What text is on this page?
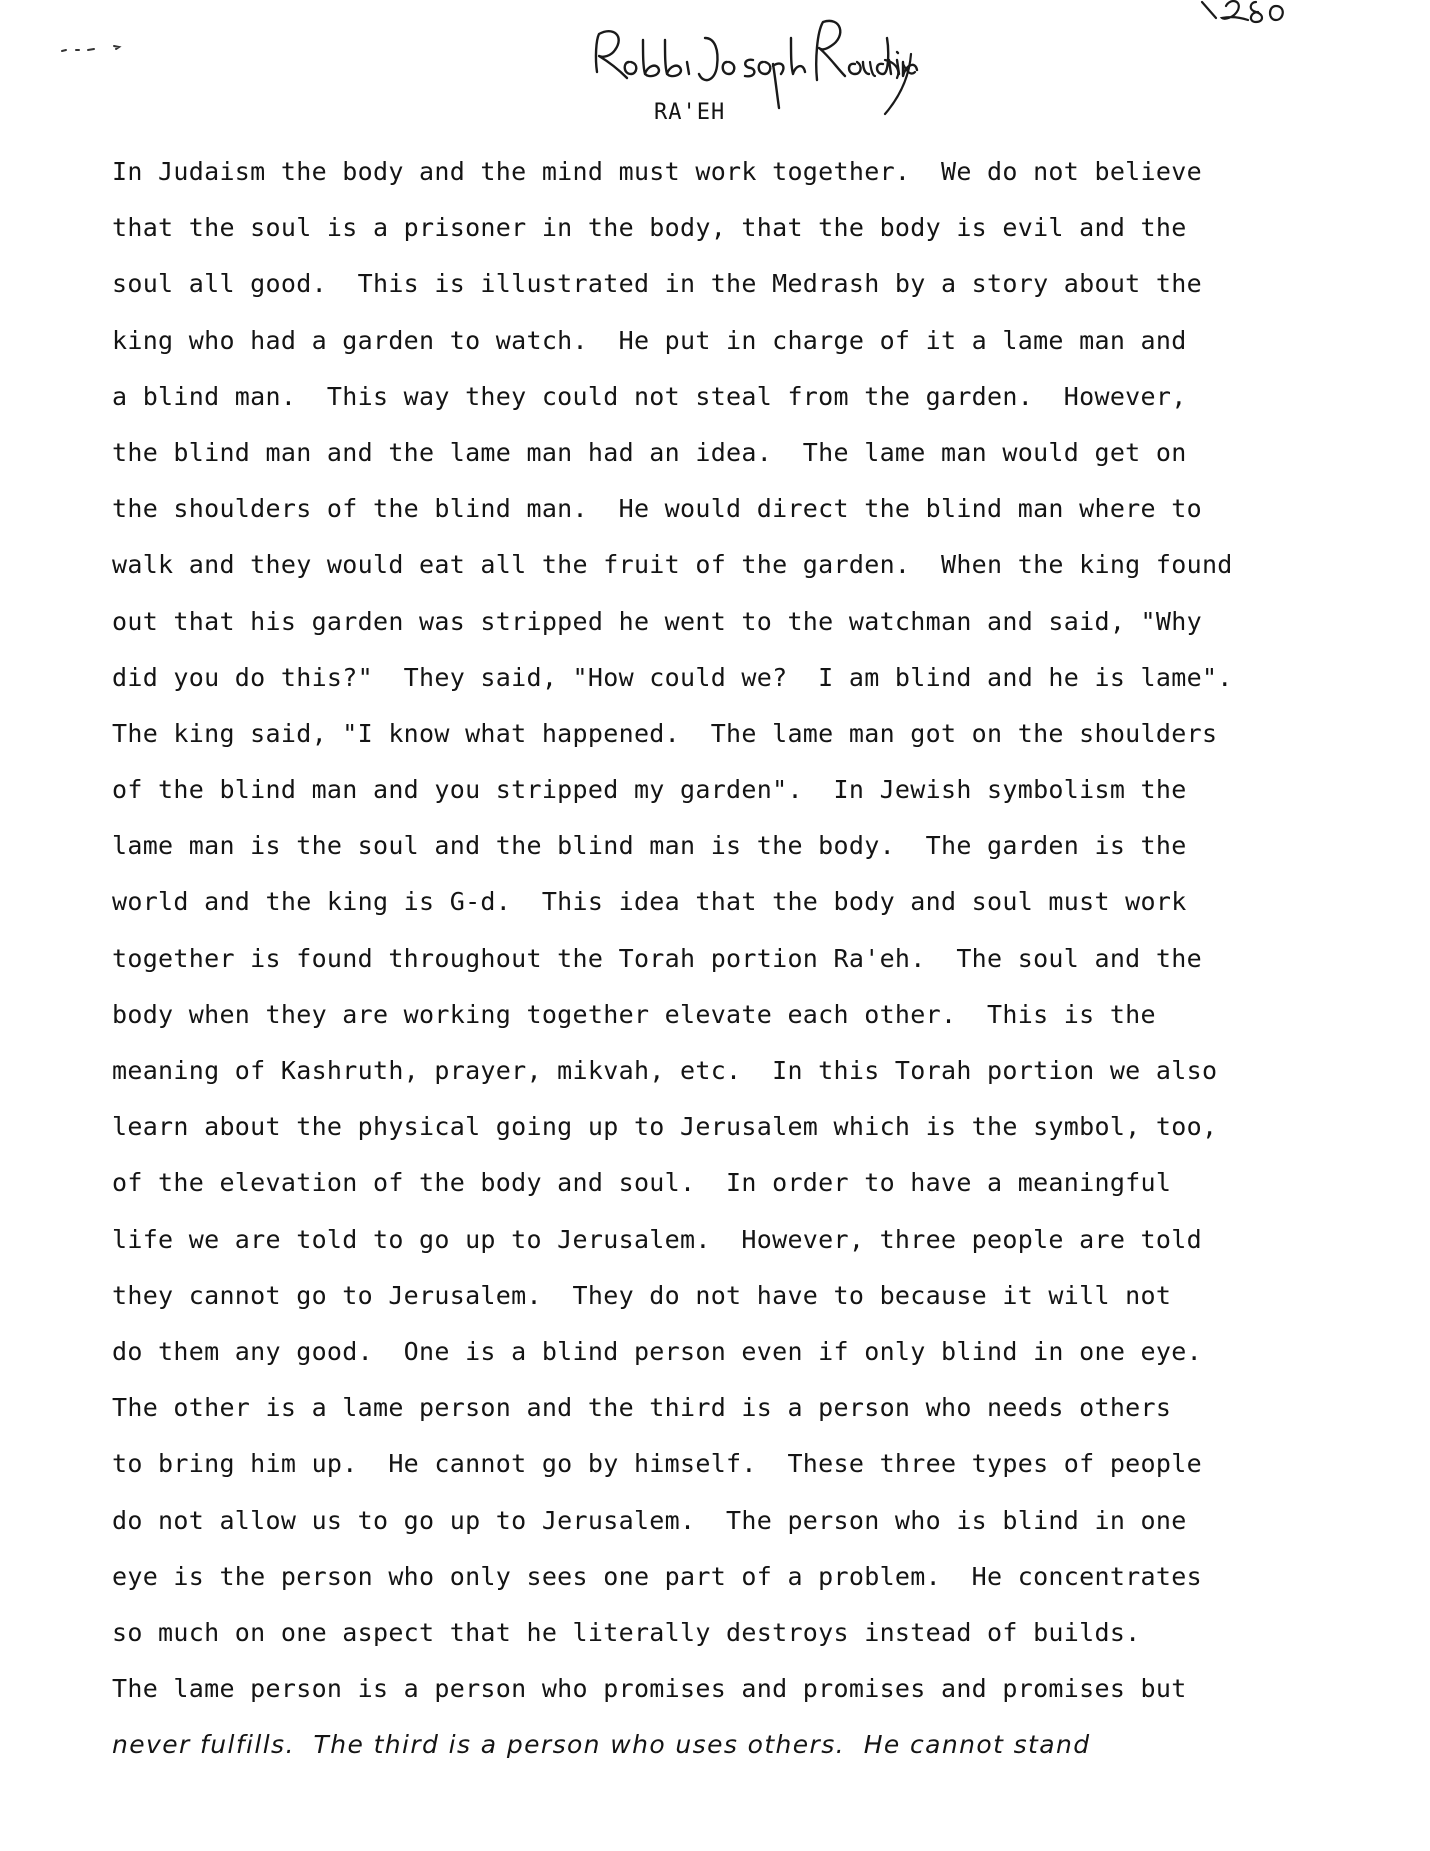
RA'EH

In Judaism the body and the mind must work together.  We do not believe

that the soul is a prisoner in the body, that the body is evil and the

soul all good.  This is illustrated in the Medrash by a story about the

king who had a garden to watch.  He put in charge of it a lame man and

a blind man.  This way they could not steal from the garden.  However,

the blind man and the lame man had an idea.  The lame man would get on

the shoulders of the blind man.  He would direct the blind man where to

walk and they would eat all the fruit of the garden.  When the king found

out that his garden was stripped he went to the watchman and said, "Why

did you do this?"  They said, "How could we?  I am blind and he is lame".

The king said, "I know what happened.  The lame man got on the shoulders

of the blind man and you stripped my garden".  In Jewish symbolism the

lame man is the soul and the blind man is the body.  The garden is the

world and the king is G-d.  This idea that the body and soul must work

together is found throughout the Torah portion Ra'eh.  The soul and the

body when they are working together elevate each other.  This is the

meaning of Kashruth, prayer, mikvah, etc.  In this Torah portion we also

learn about the physical going up to Jerusalem which is the symbol, too,

of the elevation of the body and soul.  In order to have a meaningful

life we are told to go up to Jerusalem.  However, three people are told

they cannot go to Jerusalem.  They do not have to because it will not

do them any good.  One is a blind person even if only blind in one eye.

The other is a lame person and the third is a person who needs others

to bring him up.  He cannot go by himself.  These three types of people

do not allow us to go up to Jerusalem.  The person who is blind in one

eye is the person who only sees one part of a problem.  He concentrates

so much on one aspect that he literally destroys instead of builds.

The lame person is a person who promises and promises and promises but

never fulfills.  The third is a person who uses others.  He cannot stand
